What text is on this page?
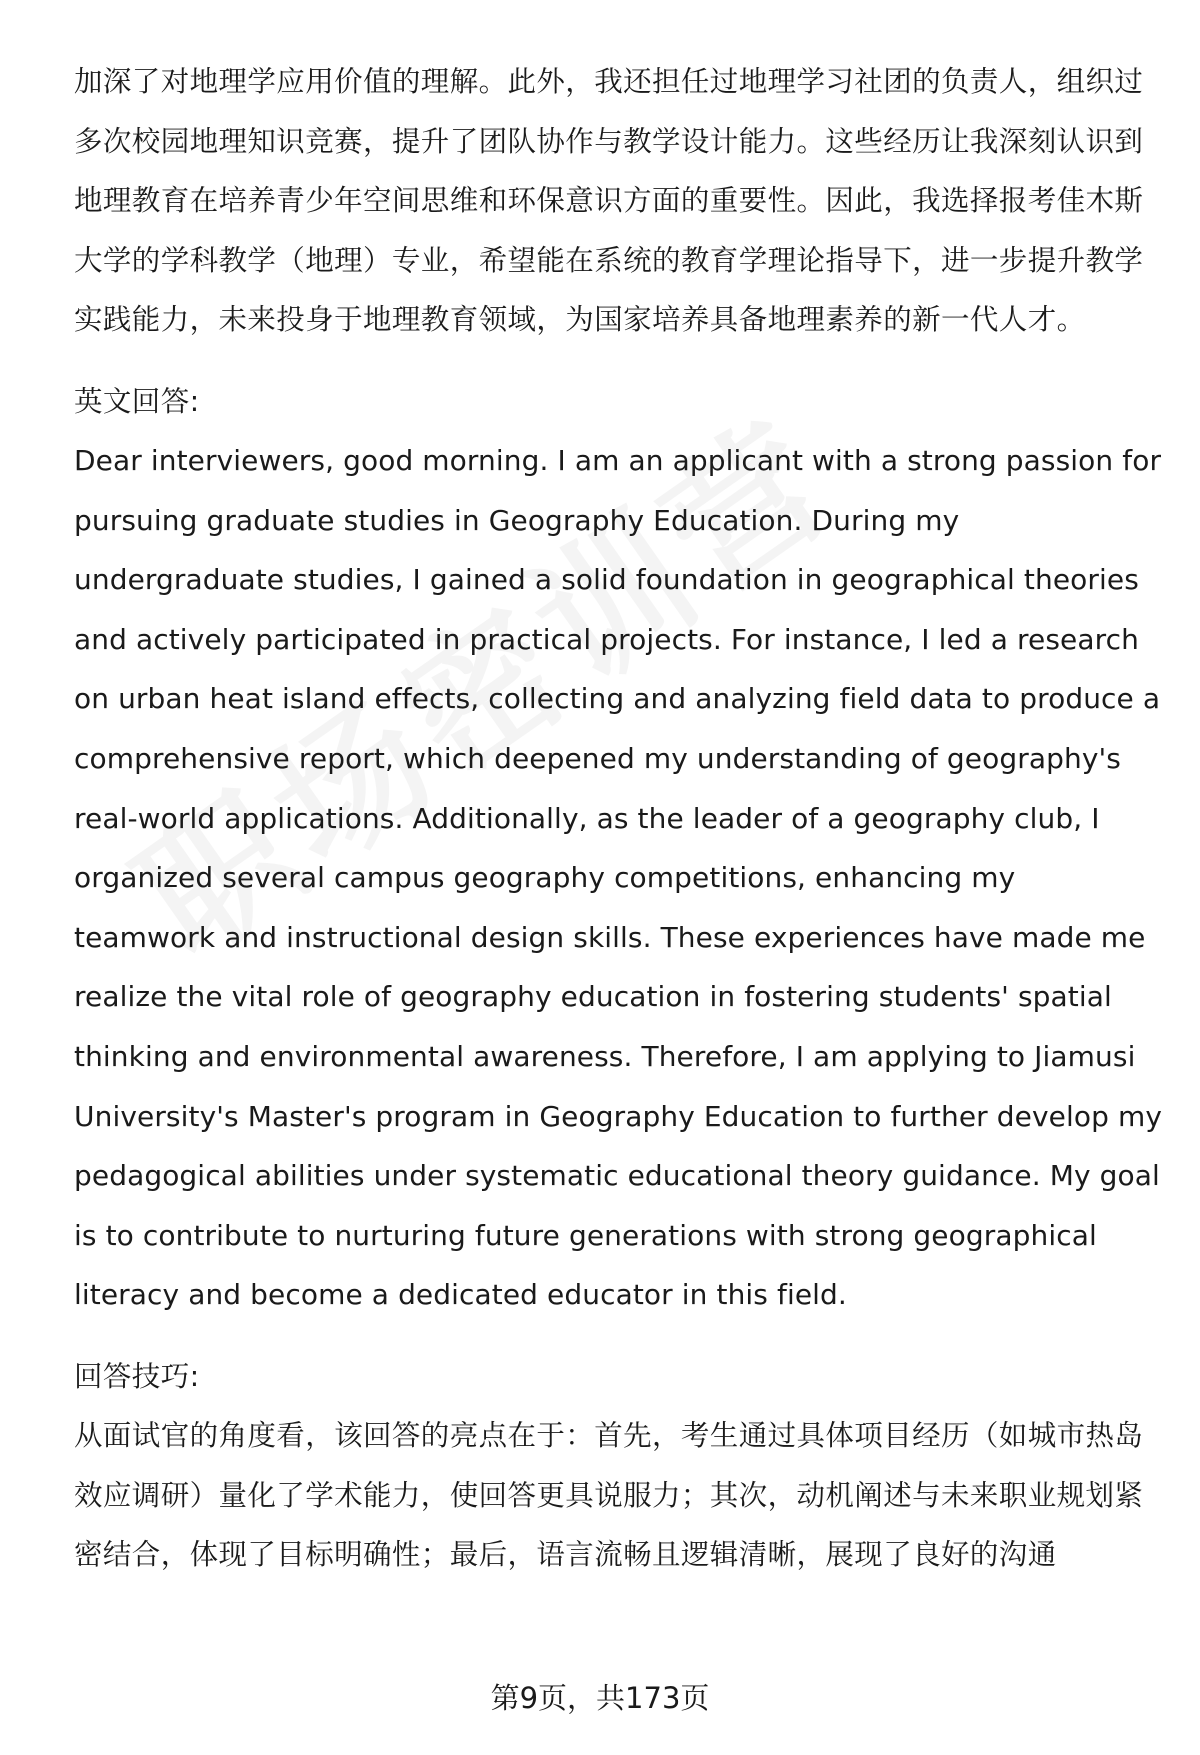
加深了对地理学应用价值的理解。此外，我还担任过地理学习社团的负责人，组织过多次校园地理知识竞赛，提升了团队协作与教学设计能力。这些经历让我深刻认识到地理教育在培养青少年空间思维和环保意识方面的重要性。因此，我选择报考佳木斯大学的学科教学（地理）专业，希望能在系统的教育学理论指导下，进一步提升教学实践能力，未来投身于地理教育领域，为国家培养具备地理素养的新一代人才。

英文回答:

Dear interviewers, good morning. I am an applicant with a strong passion for pursuing graduate studies in Geography Education. During my undergraduate studies, I gained a solid foundation in geographical theories and actively participated in practical projects. For instance, I led a research on urban heat island effects, collecting and analyzing field data to produce a comprehensive report, which deepened my understanding of geography's real-world applications. Additionally, as the leader of a geography club, I organized several campus geography competitions, enhancing my teamwork and instructional design skills. These experiences have made me realize the vital role of geography education in fostering students' spatial thinking and environmental awareness. Therefore, I am applying to Jiamusi University's Master's program in Geography Education to further develop my pedagogical abilities under systematic educational theory guidance. My goal is to contribute to nurturing future generations with strong geographical literacy and become a dedicated educator in this field.

回答技巧:

从面试官的角度看，该回答的亮点在于：首先，考生通过具体项目经历（如城市热岛效应调研）量化了学术能力，使回答更具说服力；其次，动机阐述与未来职业规划紧密结合，体现了目标明确性；最后，语言流畅且逻辑清晰，展现了良好的沟通

第9页，共173页
